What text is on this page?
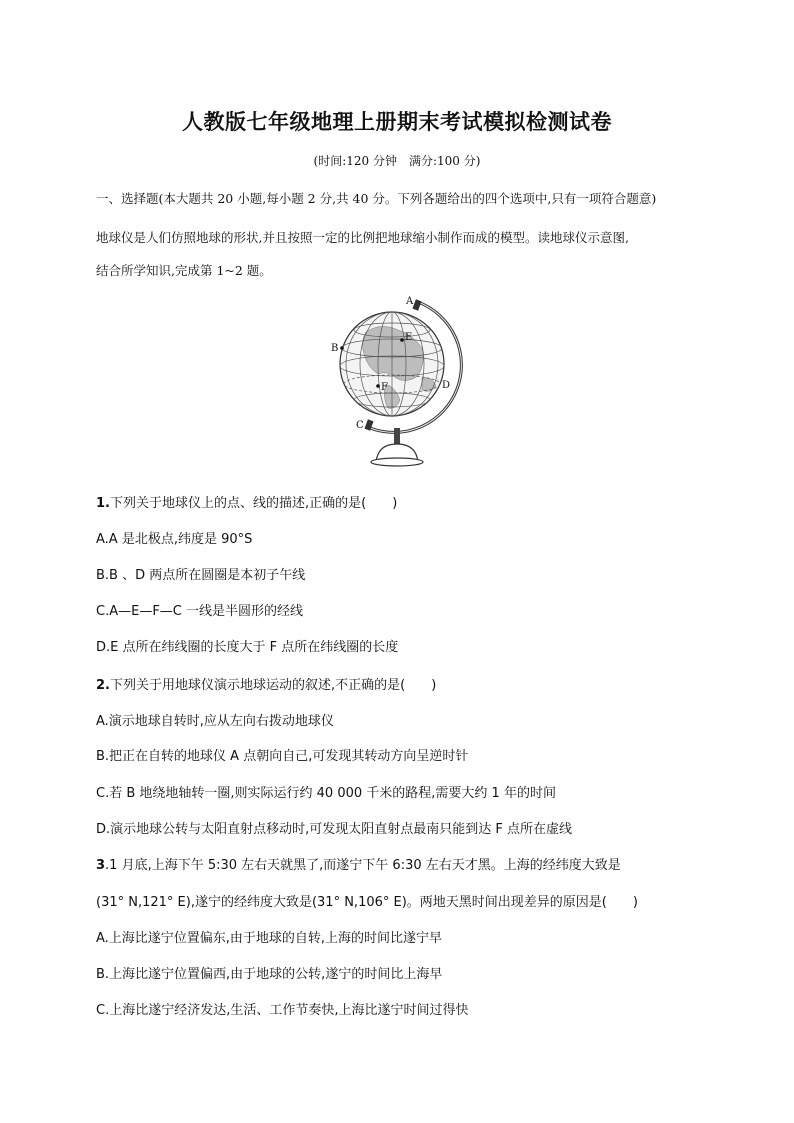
人教版七年级地理上册期末考试模拟检测试卷
(时间:120 分钟　满分:100 分)
一、选择题(本大题共 20 小题,每小题 2 分,共 40 分。下列各题给出的四个选项中,只有一项符合题意)
地球仪是人们仿照地球的形状,并且按照一定的比例把地球缩小制作而成的模型。读地球仪示意图,
结合所学知识,完成第 1~2 题。
A
B
C
D
E
F
1.下列关于地球仪上的点、线的描述,正确的是(　　)
A.A 是北极点,纬度是 90°S
B.B 、D 两点所在圆圈是本初子午线
C.A—E—F—C 一线是半圆形的经线
D.E 点所在纬线圈的长度大于 F 点所在纬线圈的长度
2.下列关于用地球仪演示地球运动的叙述,不正确的是(　　)
A.演示地球自转时,应从左向右拨动地球仪
B.把正在自转的地球仪 A 点朝向自己,可发现其转动方向呈逆时针
C.若 B 地绕地轴转一圈,则实际运行约 40 000 千米的路程,需要大约 1 年的时间
D.演示地球公转与太阳直射点移动时,可发现太阳直射点最南只能到达 F 点所在虚线
3.1 月底,上海下午 5:30 左右天就黑了,而遂宁下午 6:30 左右天才黑。上海的经纬度大致是
(31° N,121° E),遂宁的经纬度大致是(31° N,106° E)。两地天黑时间出现差异的原因是(　　)
A.上海比遂宁位置偏东,由于地球的自转,上海的时间比遂宁早
B.上海比遂宁位置偏西,由于地球的公转,遂宁的时间比上海早
C.上海比遂宁经济发达,生活、工作节奏快,上海比遂宁时间过得快
